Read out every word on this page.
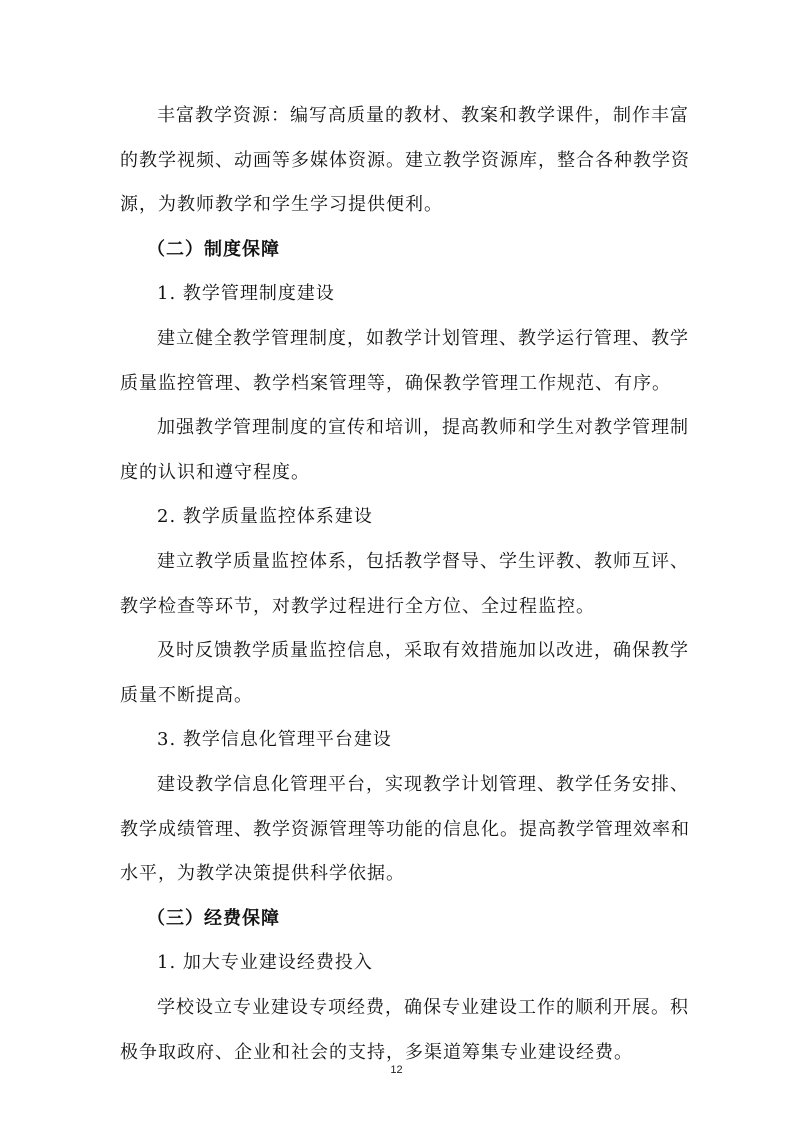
丰富教学资源：编写高质量的教材、教案和教学课件，制作丰富
的教学视频、动画等多媒体资源。建立教学资源库，整合各种教学资
源，为教师教学和学生学习提供便利。
（二）制度保障
1. 教学管理制度建设
建立健全教学管理制度，如教学计划管理、教学运行管理、教学
质量监控管理、教学档案管理等，确保教学管理工作规范、有序。
加强教学管理制度的宣传和培训，提高教师和学生对教学管理制
度的认识和遵守程度。
2. 教学质量监控体系建设
建立教学质量监控体系，包括教学督导、学生评教、教师互评、
教学检查等环节，对教学过程进行全方位、全过程监控。
及时反馈教学质量监控信息，采取有效措施加以改进，确保教学
质量不断提高。
3. 教学信息化管理平台建设
建设教学信息化管理平台，实现教学计划管理、教学任务安排、
教学成绩管理、教学资源管理等功能的信息化。提高教学管理效率和
水平，为教学决策提供科学依据。
（三）经费保障
1. 加大专业建设经费投入
学校设立专业建设专项经费，确保专业建设工作的顺利开展。积
极争取政府、企业和社会的支持，多渠道筹集专业建设经费。
12
